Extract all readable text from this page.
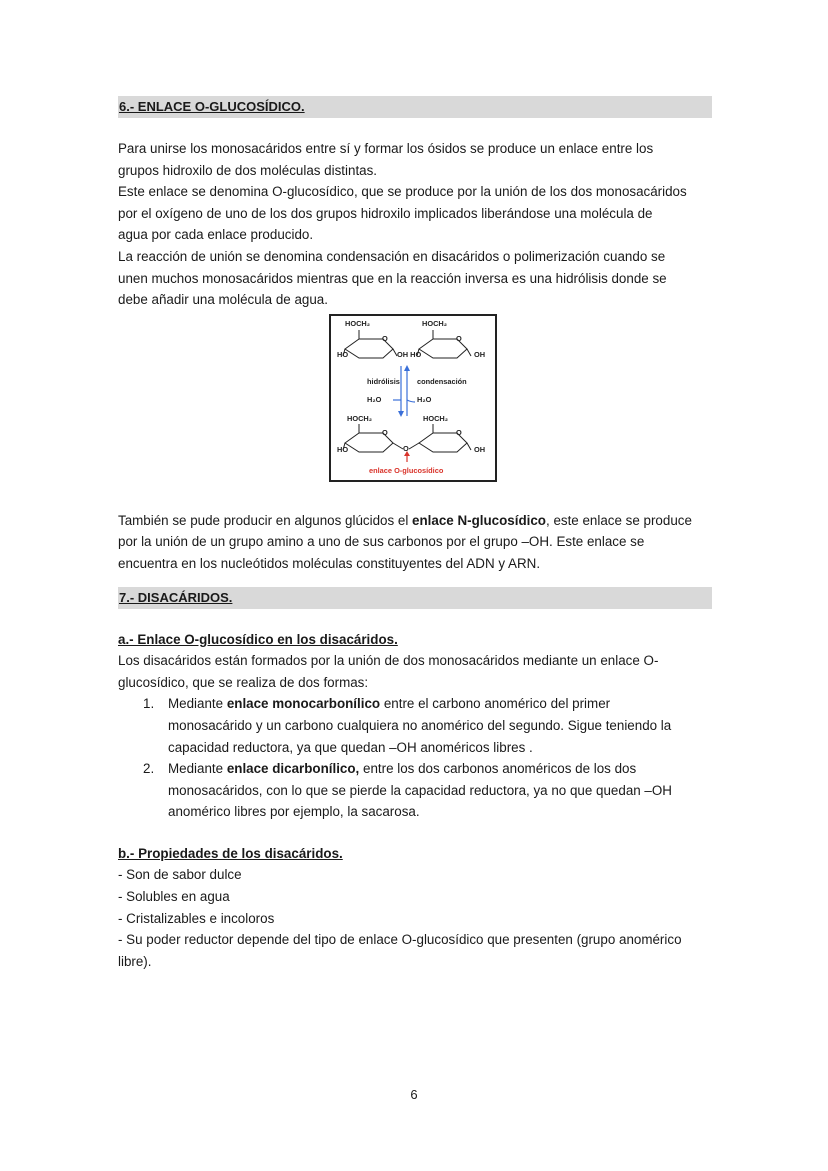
6.- ENLACE O-GLUCOSÍDICO.

Para unirse los monosacáridos entre sí y formar los ósidos se produce un enlace entre los

grupos hidroxilo de dos moléculas distintas.

Este enlace se denomina O-glucosídico, que se produce por la unión de los dos monosacáridos

por el oxígeno de uno de los dos grupos hidroxilo implicados liberándose una molécula de

agua por cada enlace producido.

La reacción de unión se denomina condensación en disacáridos o polimerización cuando se

unen muchos monosacáridos mientras que en la reacción inversa es una hidrólisis donde se

debe añadir una molécula de agua.

HOCH₂	HOCH₂
O	O
HO	OH HO	OH
hidrólisis condensación
H₂O	H₂O
HOCH₂	HOCH₂
O	O
O
HO	OH
enlace O-glucosídico

También se pude producir en algunos glúcidos el enlace N-glucosídico, este enlace se produce

por la unión de un grupo amino a uno de sus carbonos por el grupo –OH. Este enlace se

encuentra en los nucleótidos moléculas constituyentes del ADN y ARN.

7.- DISACÁRIDOS.

a.- Enlace O-glucosídico en los disacáridos.

Los disacáridos están formados por la unión de dos monosacáridos mediante un enlace O-

glucosídico, que se realiza de dos formas:

1. Mediante enlace monocarbonílico entre el carbono anomérico del primer

monosacárido y un carbono cualquiera no anomérico del segundo. Sigue teniendo la

capacidad reductora, ya que quedan –OH anoméricos libres .

2. Mediante enlace dicarbonílico, entre los dos carbonos anoméricos de los dos

monosacáridos, con lo que se pierde la capacidad reductora, ya no que quedan –OH

anomérico libres por ejemplo, la sacarosa.

b.- Propiedades de los disacáridos.

- Son de sabor dulce

- Solubles en agua

- Cristalizables e incoloros

- Su poder reductor depende del tipo de enlace O-glucosídico que presenten (grupo anomérico

libre).

6
